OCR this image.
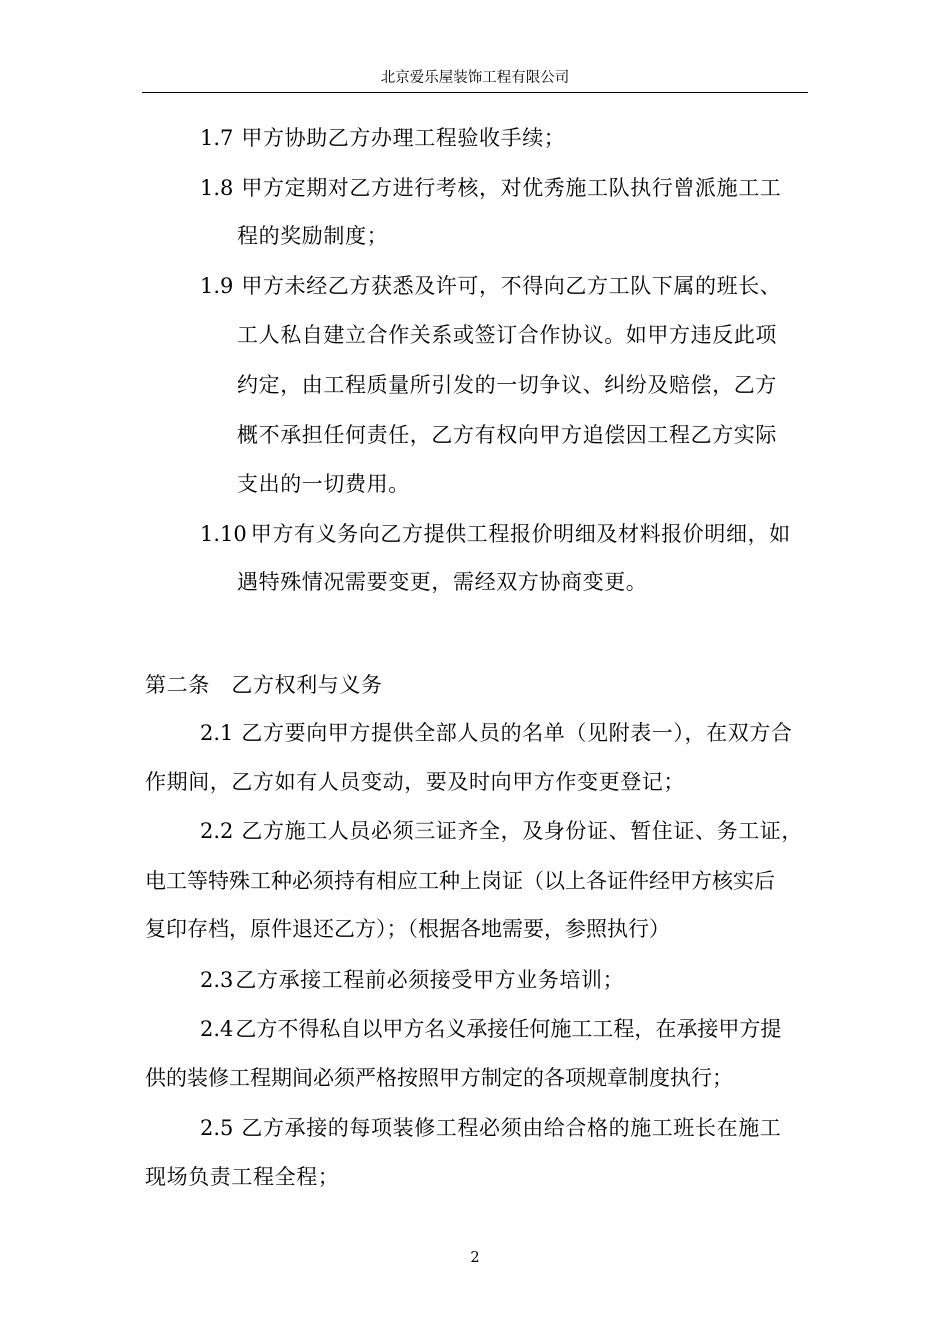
北京爱乐屋装饰工程有限公司
1.7 甲方协助乙方办理工程验收手续；
1.8 甲方定期对乙方进行考核，对优秀施工队执行曾派施工工
程的奖励制度；
1.9 甲方未经乙方获悉及许可，不得向乙方工队下属的班长、
工人私自建立合作关系或签订合作协议。如甲方违反此项
约定，由工程质量所引发的一切争议、纠纷及赔偿，乙方
概不承担任何责任，乙方有权向甲方追偿因工程乙方实际
支出的一切费用。
1.10 甲方有义务向乙方提供工程报价明细及材料报价明细，如
遇特殊情况需要变更，需经双方协商变更。
第二条　乙方权利与义务
2.1 乙方要向甲方提供全部人员的名单（见附表一），在双方合
作期间，乙方如有人员变动，要及时向甲方作变更登记；
2.2 乙方施工人员必须三证齐全，及身份证、暂住证、务工证，
电工等特殊工种必须持有相应工种上岗证（以上各证件经甲方核实后
复印存档，原件退还乙方）；（根据各地需要，参照执行）
2.3乙方承接工程前必须接受甲方业务培训；
2.4乙方不得私自以甲方名义承接任何施工工程，在承接甲方提
供的装修工程期间必须严格按照甲方制定的各项规章制度执行；
2.5 乙方承接的每项装修工程必须由给合格的施工班长在施工
现场负责工程全程；
2
